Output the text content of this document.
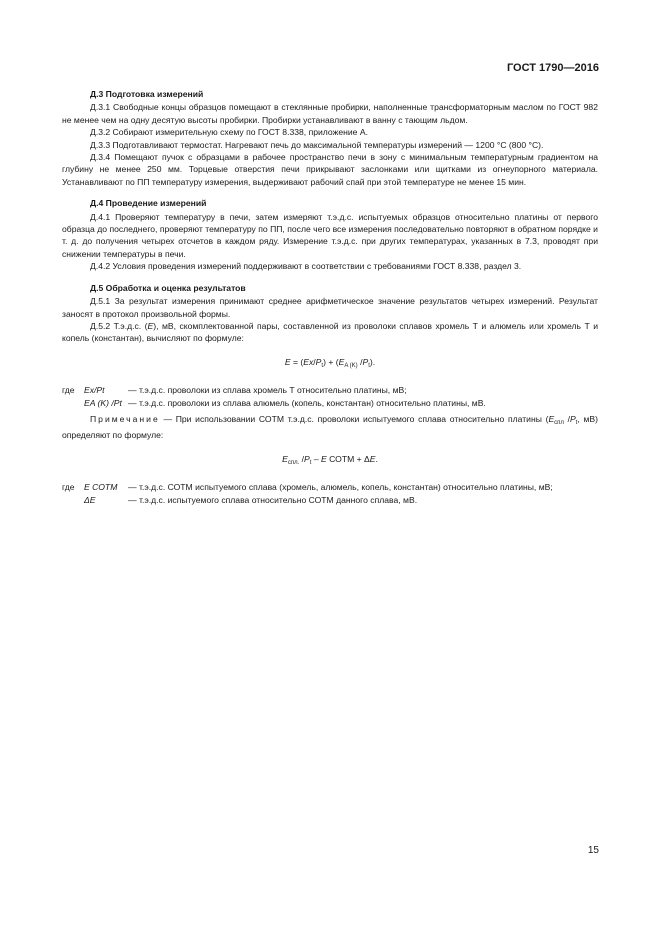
ГОСТ 1790—2016
Д.3 Подготовка измерений

Д.3.1 Свободные концы образцов помещают в стеклянные пробирки, наполненные трансформаторным маслом по ГОСТ 982 не менее чем на одну десятую высоты пробирки. Пробирки устанавливают в ванну с тающим льдом.

Д.3.2 Собирают измерительную схему по ГОСТ 8.338, приложение А.

Д.3.3 Подготавливают термостат. Нагревают печь до максимальной температуры измерений — 1200 °С (800 °С).

Д.3.4 Помещают пучок с образцами в рабочее пространство печи в зону с минимальным температурным градиентом на глубину не менее 250 мм. Торцевые отверстия печи прикрывают заслонками или щитками из огнеупорного материала. Устанавливают по ПП температуру измерения, выдерживают рабочий спай при этой температуре не менее 15 мин.

Д.4 Проведение измерений

Д.4.1 Проверяют температуру в печи, затем измеряют т.э.д.с. испытуемых образцов относительно платины от первого образца до последнего, проверяют температуру по ПП, после чего все измерения последовательно повторяют в обратном порядке и т. д. до получения четырех отсчетов в каждом ряду. Измерение т.э.д.с. при других температурах, указанных в 7.3, проводят при снижении температуры в печи.

Д.4.2 Условия проведения измерений поддерживают в соответствии с требованиями ГОСТ 8.338, раздел 3.

Д.5 Обработка и оценка результатов

Д.5.1 За результат измерения принимают среднее арифметическое значение результатов четырех измерений. Результат заносят в протокол произвольной формы.

Д.5.2 Т.э.д.с. (Е), мВ, скомплектованной пары, составленной из проволоки сплавов хромель Т и алюмель или хромель Т и копель (константан), вычисляют по формуле:

$Е = (Ex/P_t) + (E_{A (K)}$ $/P_t$).
где	Ex/Pt	— т.э.д.с. проволоки из сплава хромель Т относительно платины, мВ;
EA (K) /Pt — т.э.д.с. проволоки из сплава алюмель (копель, константан) относительно платины, мВ.

Примечание — При использовании СОТМ т.э.д.с. проволоки испытуемого сплава относительно платины ($Е_{спл}$ $/P_t$, мВ) определяют по формуле:

$Е_{спл.}$ $/P_t$ – E СОТМ + ΔE.
где	E СОТМ	— т.э.д.с. СОТМ испытуемого сплава (хромель, алюмель, копель, константан) относительно платины, мВ;
ΔE	— т.э.д.с. испытуемого сплава относительно СОТМ данного сплава, мВ.
15
